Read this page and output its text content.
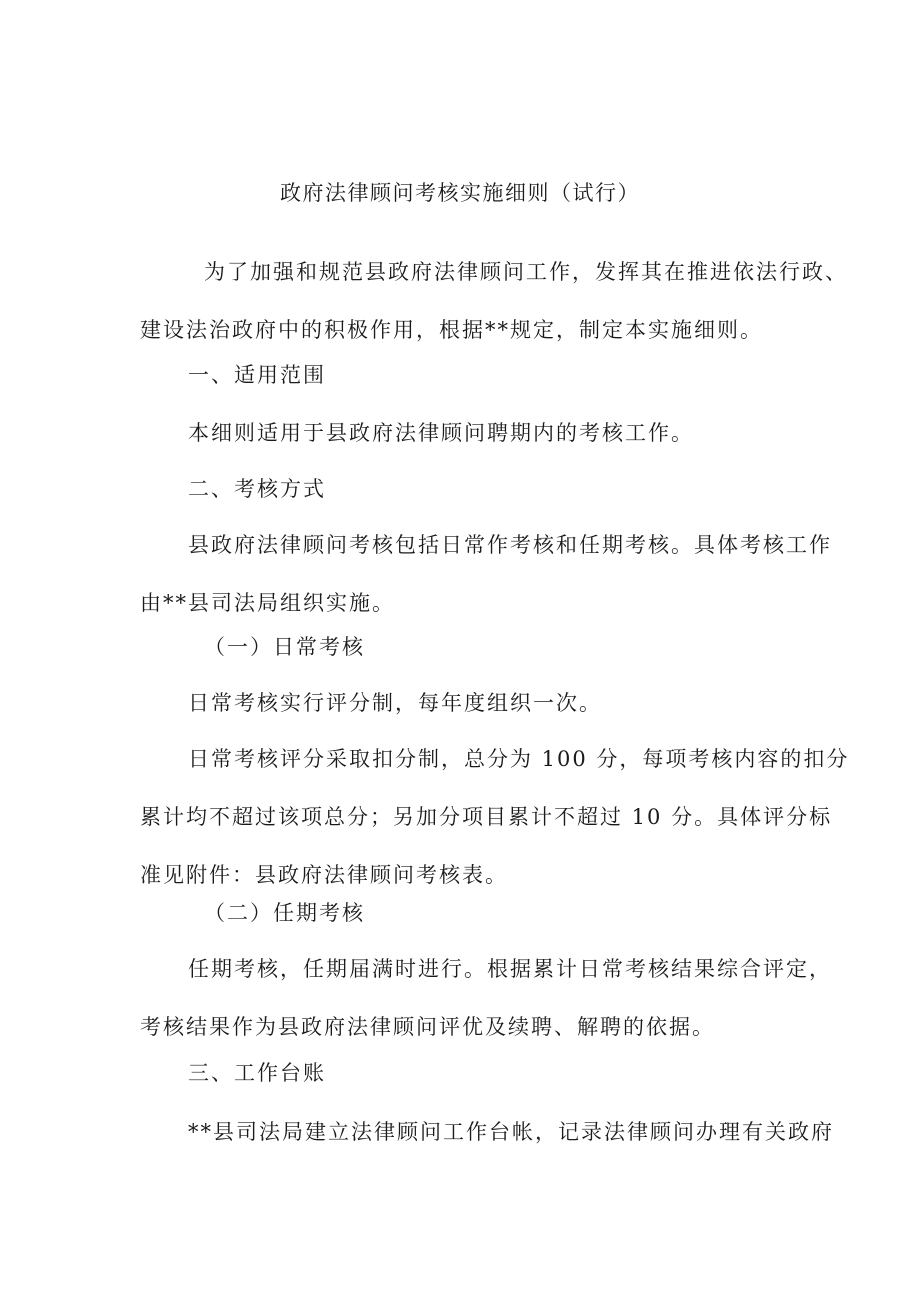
政府法律顾问考核实施细则（试行）

为了加强和规范县政府法律顾问工作，发挥其在推进依法行政、
建设法治政府中的积极作用，根据**规定，制定本实施细则。

一、适用范围

本细则适用于县政府法律顾问聘期内的考核工作。

二、考核方式

县政府法律顾问考核包括日常作考核和任期考核。具体考核工作
由**县司法局组织实施。

（一）日常考核

日常考核实行评分制，每年度组织一次。

日常考核评分采取扣分制，总分为 100 分，每项考核内容的扣分
累计均不超过该项总分；另加分项目累计不超过 10 分。具体评分标
准见附件：县政府法律顾问考核表。

（二）任期考核

任期考核，任期届满时进行。根据累计日常考核结果综合评定，
考核结果作为县政府法律顾问评优及续聘、解聘的依据。

三、工作台账

**县司法局建立法律顾问工作台帐，记录法律顾问办理有关政府
